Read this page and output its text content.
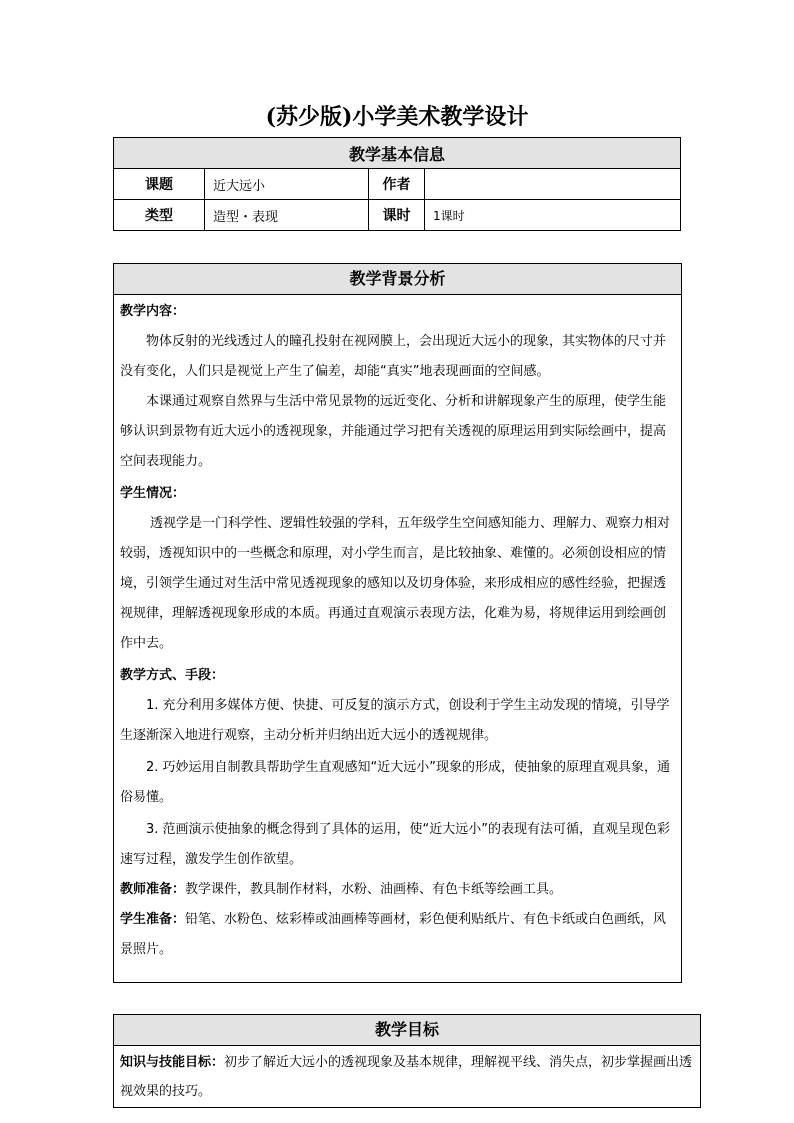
(苏少版)小学美术教学设计
教学基本信息			
课题	近大远小	作者	
类型	造型・表现	课时	1课时
教学背景分析

教学内容：

物体反射的光线透过人的瞳孔投射在视网膜上，会出现近大远小的现象，其实物体的尺寸并没有变化，人们只是视觉上产生了偏差，却能“真实”地表现画面的空间感。

本课通过观察自然界与生活中常见景物的远近变化、分析和讲解现象产生的原理，使学生能够认识到景物有近大远小的透视现象，并能通过学习把有关透视的原理运用到实际绘画中，提高空间表现能力。

学生情况：

透视学是一门科学性、逻辑性较强的学科，五年级学生空间感知能力、理解力、观察力相对较弱，透视知识中的一些概念和原理，对小学生而言，是比较抽象、难懂的。必须创设相应的情境，引领学生通过对生活中常见透视现象的感知以及切身体验，来形成相应的感性经验，把握透视规律，理解透视现象形成的本质。再通过直观演示表现方法，化难为易，将规律运用到绘画创作中去。

教学方式、手段：

1. 充分利用多媒体方便、快捷、可反复的演示方式，创设利于学生主动发现的情境，引导学生逐渐深入地进行观察，主动分析并归纳出近大远小的透视规律。

2. 巧妙运用自制教具帮助学生直观感知“近大远小”现象的形成，使抽象的原理直观具象，通俗易懂。

3. 范画演示使抽象的概念得到了具体的运用，使“近大远小”的表现有法可循，直观呈现色彩速写过程，激发学生创作欲望。

教师准备：教学课件，教具制作材料，水粉、油画棒、有色卡纸等绘画工具。

学生准备：铅笔、水粉色、炫彩棒或油画棒等画材，彩色便利贴纸片、有色卡纸或白色画纸，风景照片。

教学目标

知识与技能目标：初步了解近大远小的透视现象及基本规律，理解视平线、消失点，初步掌握画出透视效果的技巧。
